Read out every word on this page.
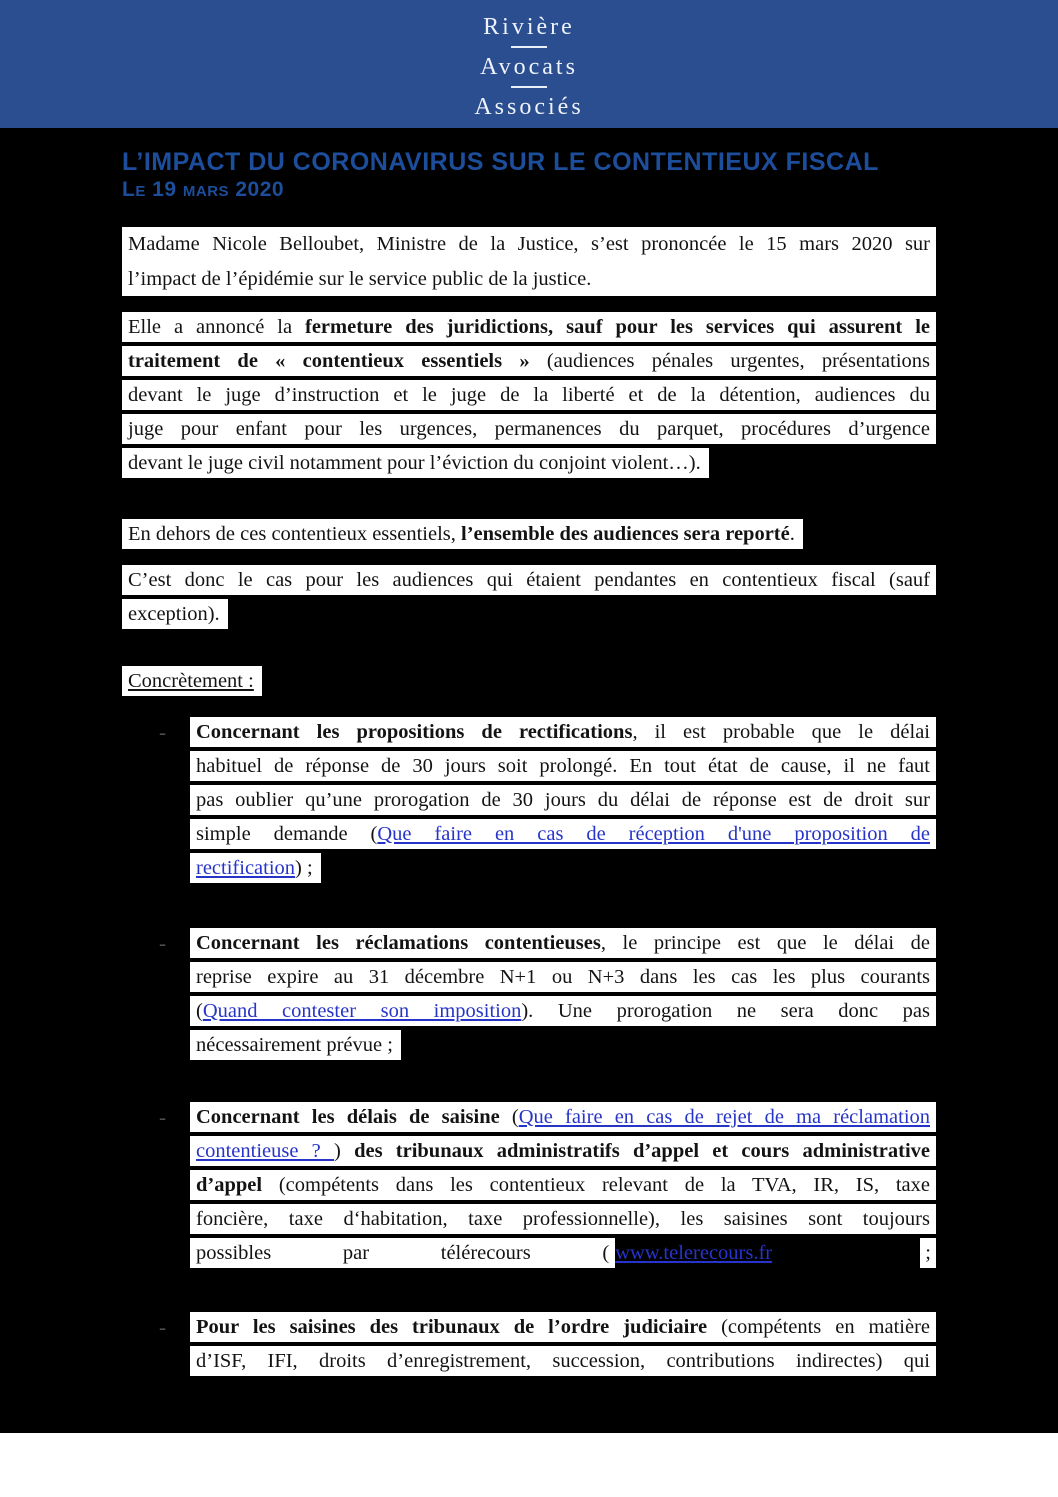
Rivière
Avocats
Associés
L’IMPACT DU CORONAVIRUS SUR LE CONTENTIEUX FISCAL
Le 19 mars 2020
Madame Nicole Belloubet, Ministre de la Justice, s’est prononcée le 15 mars 2020 sur
l’impact de l’épidémie sur le service public de la justice.
Elle a annoncé la fermeture des juridictions, sauf pour les services qui assurent le
traitement de « contentieux essentiels » (audiences pénales urgentes, présentations
devant le juge d’instruction et le juge de la liberté et de la détention, audiences du
juge pour enfant pour les urgences, permanences du parquet, procédures d’urgence
devant le juge civil notamment pour l’éviction du conjoint violent…).
En dehors de ces contentieux essentiels, l’ensemble des audiences sera reporté.
C’est donc le cas pour les audiences qui étaient pendantes en contentieux fiscal (sauf
exception).
Concrètement :
-	Concernant les propositions de rectifications, il est probable que le délai
habituel de réponse de 30 jours soit prolongé. En tout état de cause, il ne faut
pas oublier qu’une prorogation de 30 jours du délai de réponse est de droit sur
simple demande (Que faire en cas de réception d'une proposition de
rectification) ;
-	Concernant les réclamations contentieuses, le principe est que le délai de
reprise expire au 31 décembre N+1 ou N+3 dans les cas les plus courants
(Quand contester son imposition). Une prorogation ne sera donc pas
nécessairement prévue ;
-	Concernant les délais de saisine (Que faire en cas de rejet de ma réclamation
contentieuse ? ) des tribunaux administratifs d’appel et cours administrative
d’appel (compétents dans les contentieux relevant de la TVA, IR, IS, taxe
foncière, taxe d‘habitation, taxe professionnelle), les saisines sont toujours
possibles par télérecours ( www.telerecours.fr	;
-	Pour les saisines des tribunaux de l’ordre judiciaire (compétents en matière
d’ISF, IFI, droits d’enregistrement, succession, contributions indirectes) qui
